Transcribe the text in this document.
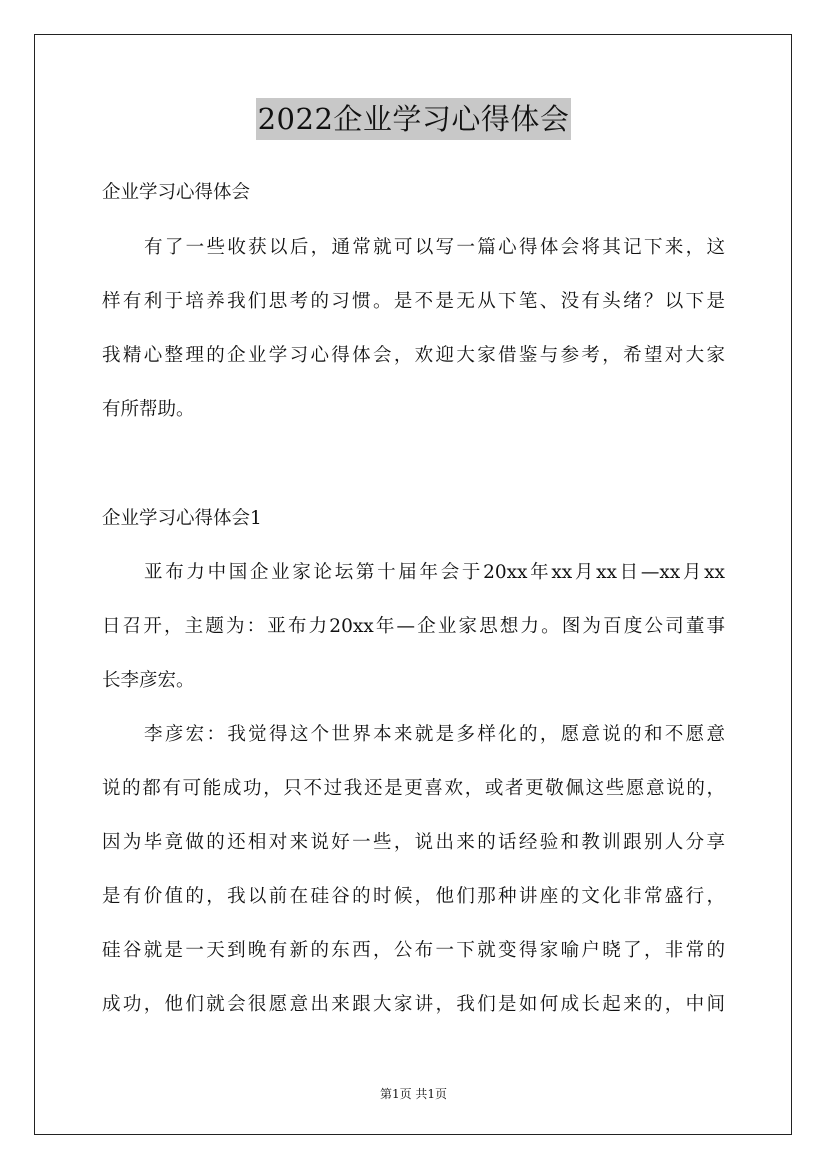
2022企业学习心得体会
企业学习心得体会
有了一些收获以后，通常就可以写一篇心得体会将其记下来，这
样有利于培养我们思考的习惯。是不是无从下笔、没有头绪？以下是
我精心整理的企业学习心得体会，欢迎大家借鉴与参考，希望对大家
有所帮助。
企业学习心得体会1
亚布力中国企业家论坛第十届年会于20xx年xx月xx日—xx月xx
日召开，主题为：亚布力20xx年—企业家思想力。图为百度公司董事
长李彦宏。
李彦宏：我觉得这个世界本来就是多样化的，愿意说的和不愿意
说的都有可能成功，只不过我还是更喜欢，或者更敬佩这些愿意说的，
因为毕竟做的还相对来说好一些，说出来的话经验和教训跟别人分享
是有价值的，我以前在硅谷的时候，他们那种讲座的文化非常盛行，
硅谷就是一天到晚有新的东西，公布一下就变得家喻户晓了，非常的
成功，他们就会很愿意出来跟大家讲，我们是如何成长起来的，中间
第1页 共1页
